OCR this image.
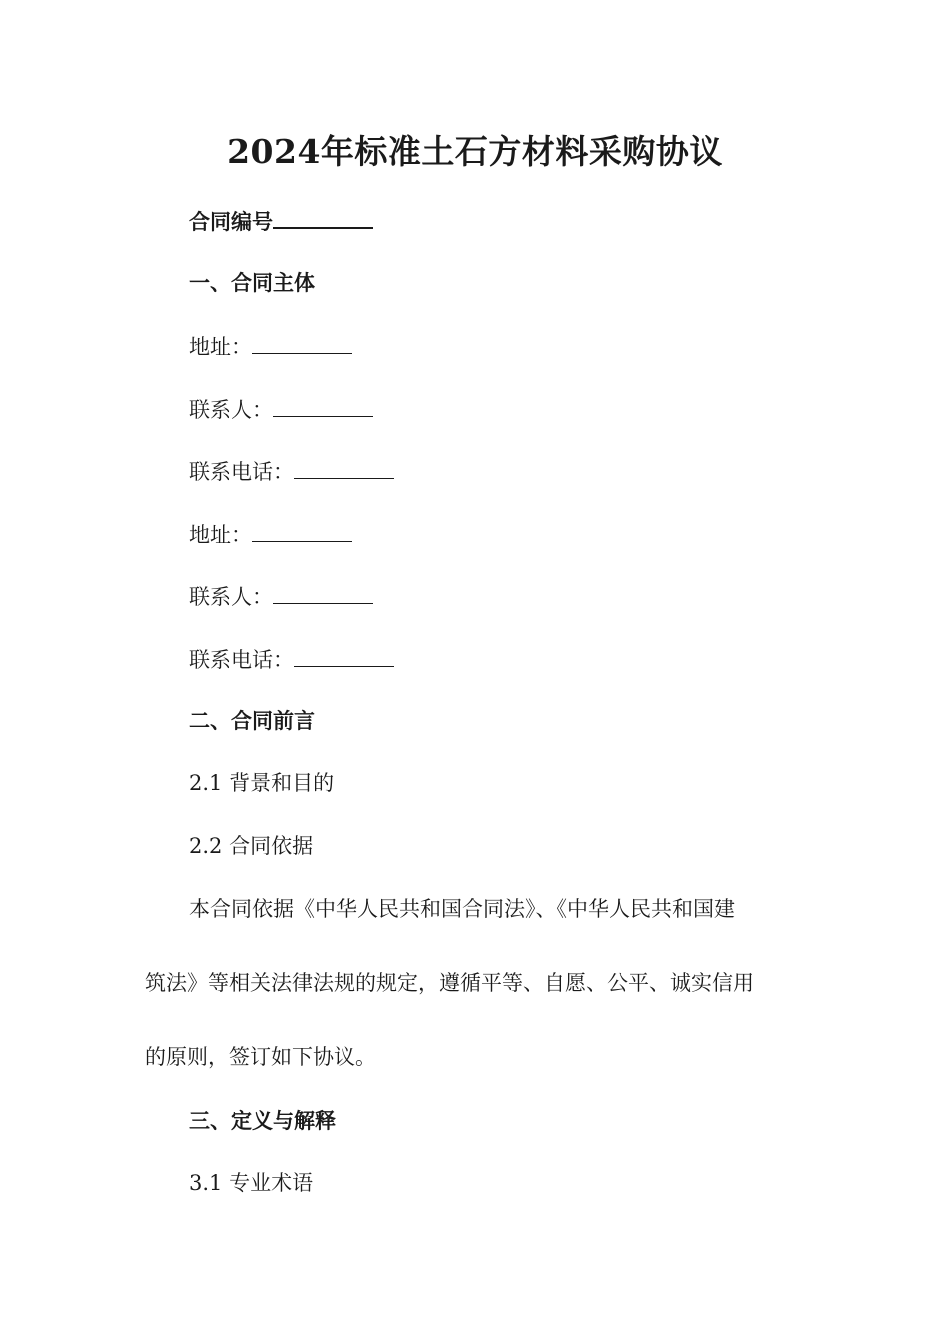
2024年标准土石方材料采购协议

合同编号

一、合同主体

地址：

联系人：

联系电话：

地址：

联系人：

联系电话：

二、合同前言

2.1 背景和目的

2.2 合同依据

本合同依据《中华人民共和国合同法》、《中华人民共和国建
筑法》等相关法律法规的规定，遵循平等、自愿、公平、诚实信用
的原则，签订如下协议。

三、定义与解释

3.1 专业术语
